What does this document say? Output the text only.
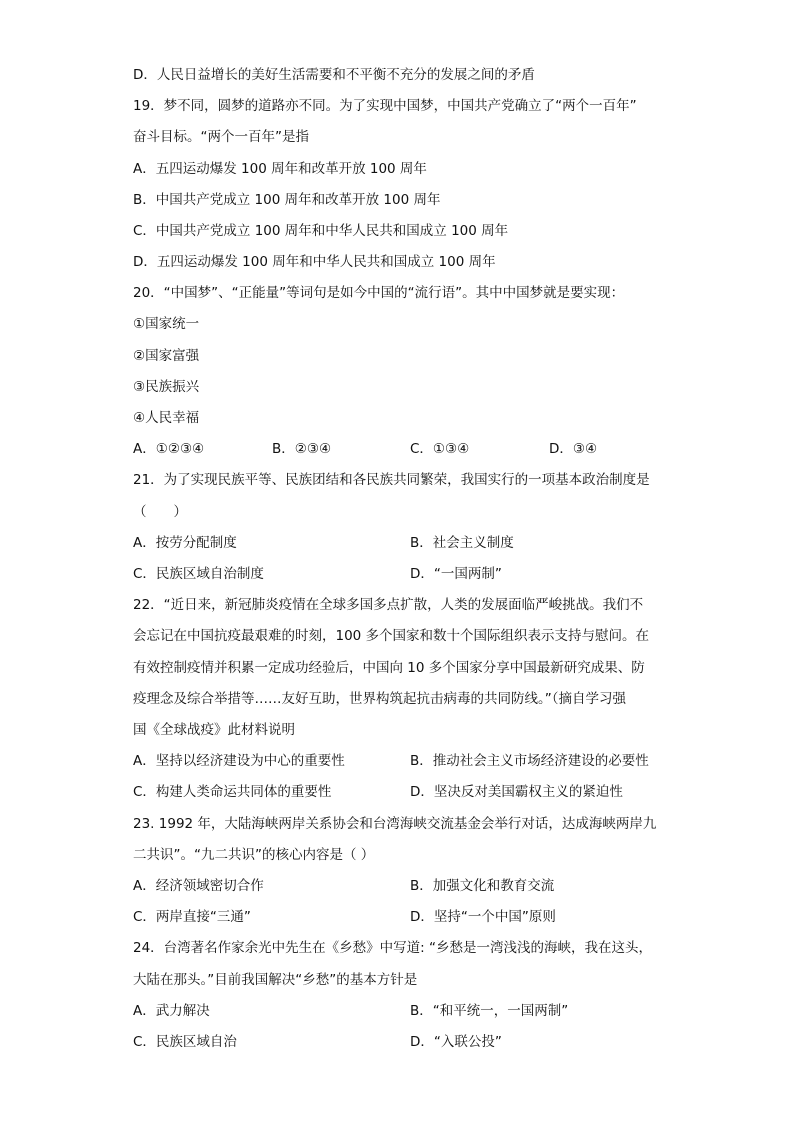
D．人民日益增长的美好生活需要和不平衡不充分的发展之间的矛盾
19．梦不同，圆梦的道路亦不同。为了实现中国梦，中国共产党确立了“两个一百年”
奋斗目标。“两个一百年”是指
A．五四运动爆发 100 周年和改革开放 100 周年
B．中国共产党成立 100 周年和改革开放 100 周年
C．中国共产党成立 100 周年和中华人民共和国成立 100 周年
D．五四运动爆发 100 周年和中华人民共和国成立 100 周年
20．“中国梦”、“正能量”等词句是如今中国的“流行语”。其中中国梦就是要实现：
①国家统一
②国家富强
③民族振兴
④人民幸福
A．①②③④	B．②③④	C．①③④	D．③④
21．为了实现民族平等、民族团结和各民族共同繁荣，我国实行的一项基本政治制度是
（　　）
A．按劳分配制度	B．社会主义制度
C．民族区域自治制度	D．“一国两制”
22．“近日来，新冠肺炎疫情在全球多国多点扩散，人类的发展面临严峻挑战。我们不
会忘记在中国抗疫最艰难的时刻，100 多个国家和数十个国际组织表示支持与慰问。在
有效控制疫情并积累一定成功经验后，中国向 10 多个国家分享中国最新研究成果、防
疫理念及综合举措等……友好互助，世界构筑起抗击病毒的共同防线。”（摘自学习强
国《全球战疫》此材料说明
A．坚持以经济建设为中心的重要性	B．推动社会主义市场经济建设的必要性
C．构建人类命运共同体的重要性	D．坚决反对美国霸权主义的紧迫性
23. 1992 年，大陆海峡两岸关系协会和台湾海峡交流基金会举行对话，达成海峡两岸九
二共识”。“九二共识”的核心内容是（ ）
A．经济领域密切合作	B．加强文化和教育交流
C．两岸直接“三通”	D．坚持“一个中国”原则
24．台湾著名作家余光中先生在《乡愁》中写道: “乡愁是一湾浅浅的海峡，我在这头，
大陆在那头。”目前我国解决“乡愁”的基本方针是
A．武力解决	B．“和平统一，一国两制”
C．民族区域自治	D．“入联公投”
